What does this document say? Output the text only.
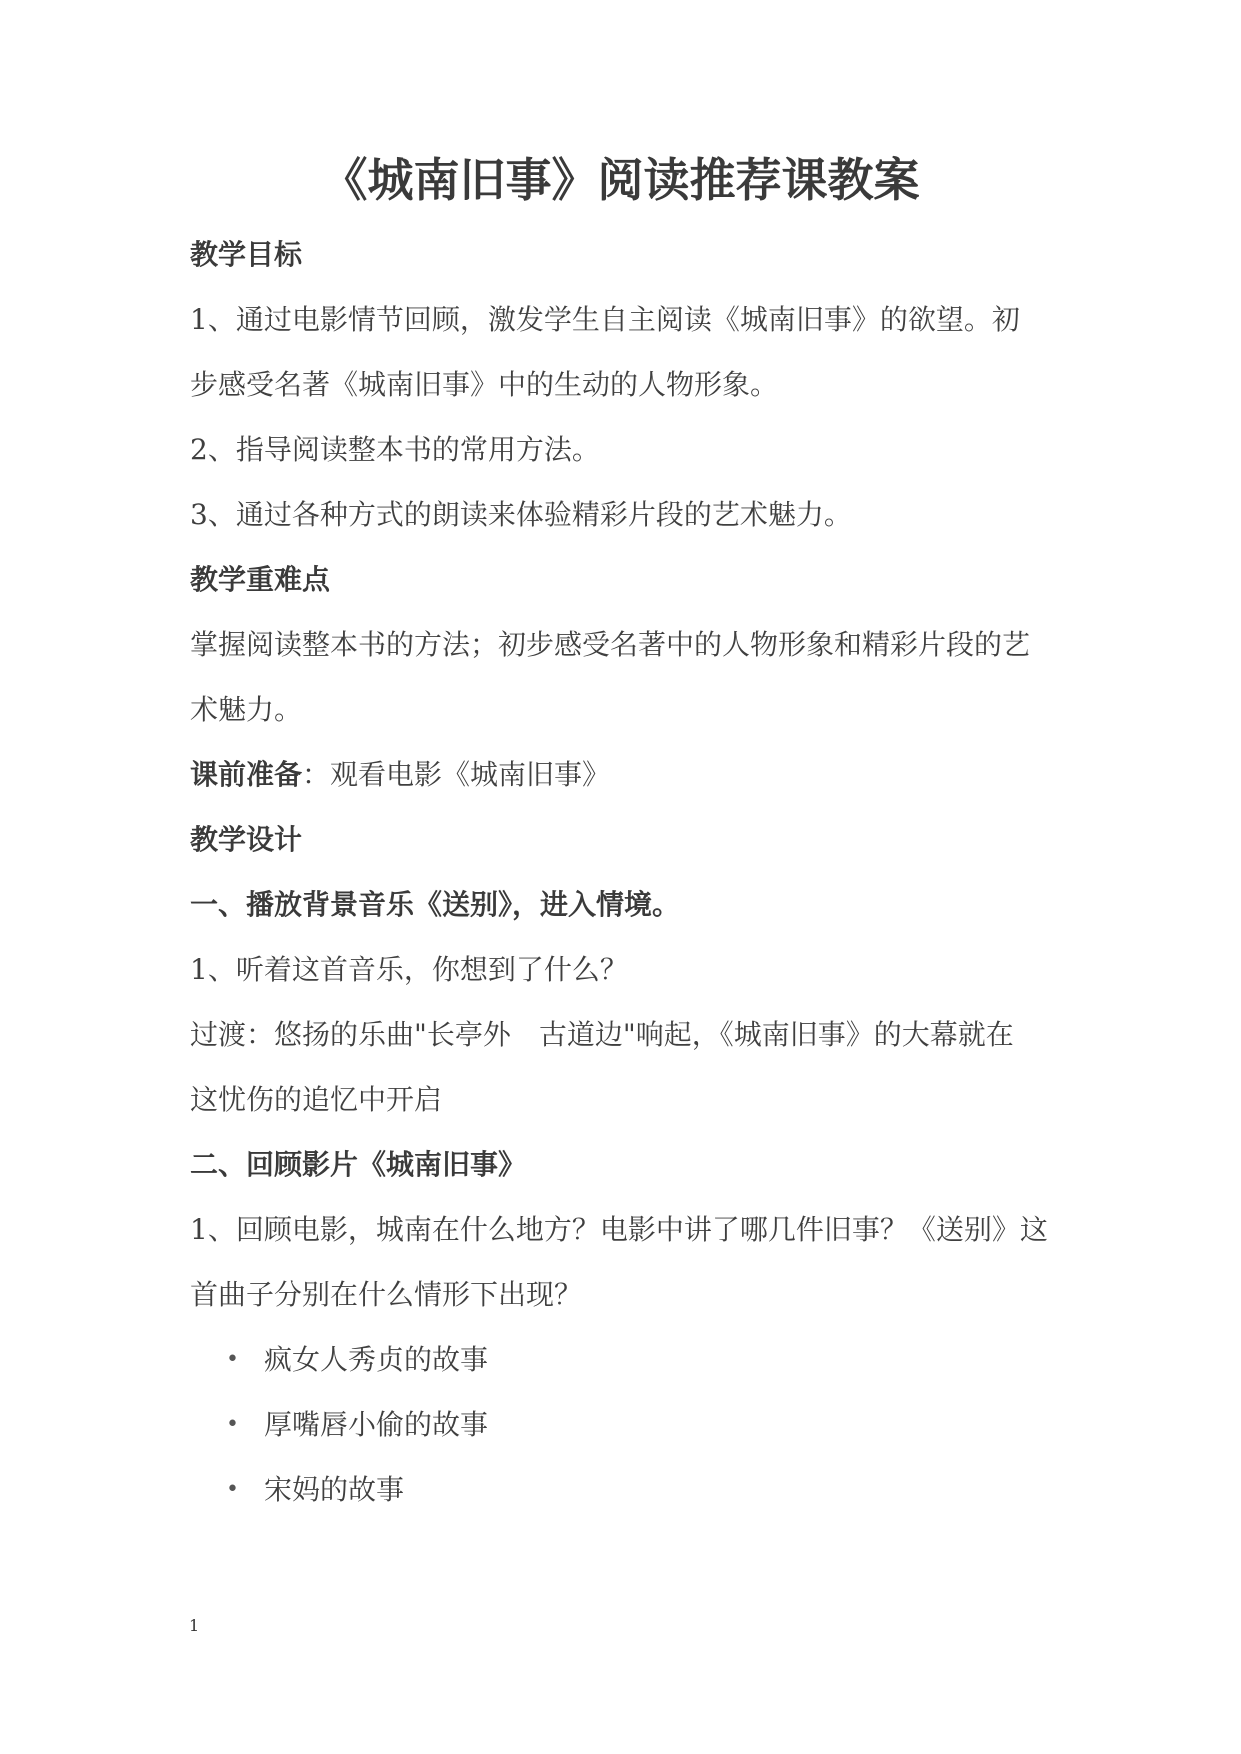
《城南旧事》阅读推荐课教案
教学目标
1、通过电影情节回顾，激发学生自主阅读《城南旧事》的欲望。初
步感受名著《城南旧事》中的生动的人物形象。
2、指导阅读整本书的常用方法。
3、通过各种方式的朗读来体验精彩片段的艺术魅力。
教学重难点
掌握阅读整本书的方法；初步感受名著中的人物形象和精彩片段的艺
术魅力。
课前准备：观看电影《城南旧事》
教学设计
一、播放背景音乐《送别》，进入情境。
1、听着这首音乐，你想到了什么？
过渡：悠扬的乐曲"长亭外　古道边"响起，《城南旧事》的大幕就在
这忧伤的追忆中开启
二、回顾影片《城南旧事》
1、回顾电影，城南在什么地方？电影中讲了哪几件旧事？《送别》这
首曲子分别在什么情形下出现？
• 疯女人秀贞的故事
• 厚嘴唇小偷的故事
• 宋妈的故事
1
